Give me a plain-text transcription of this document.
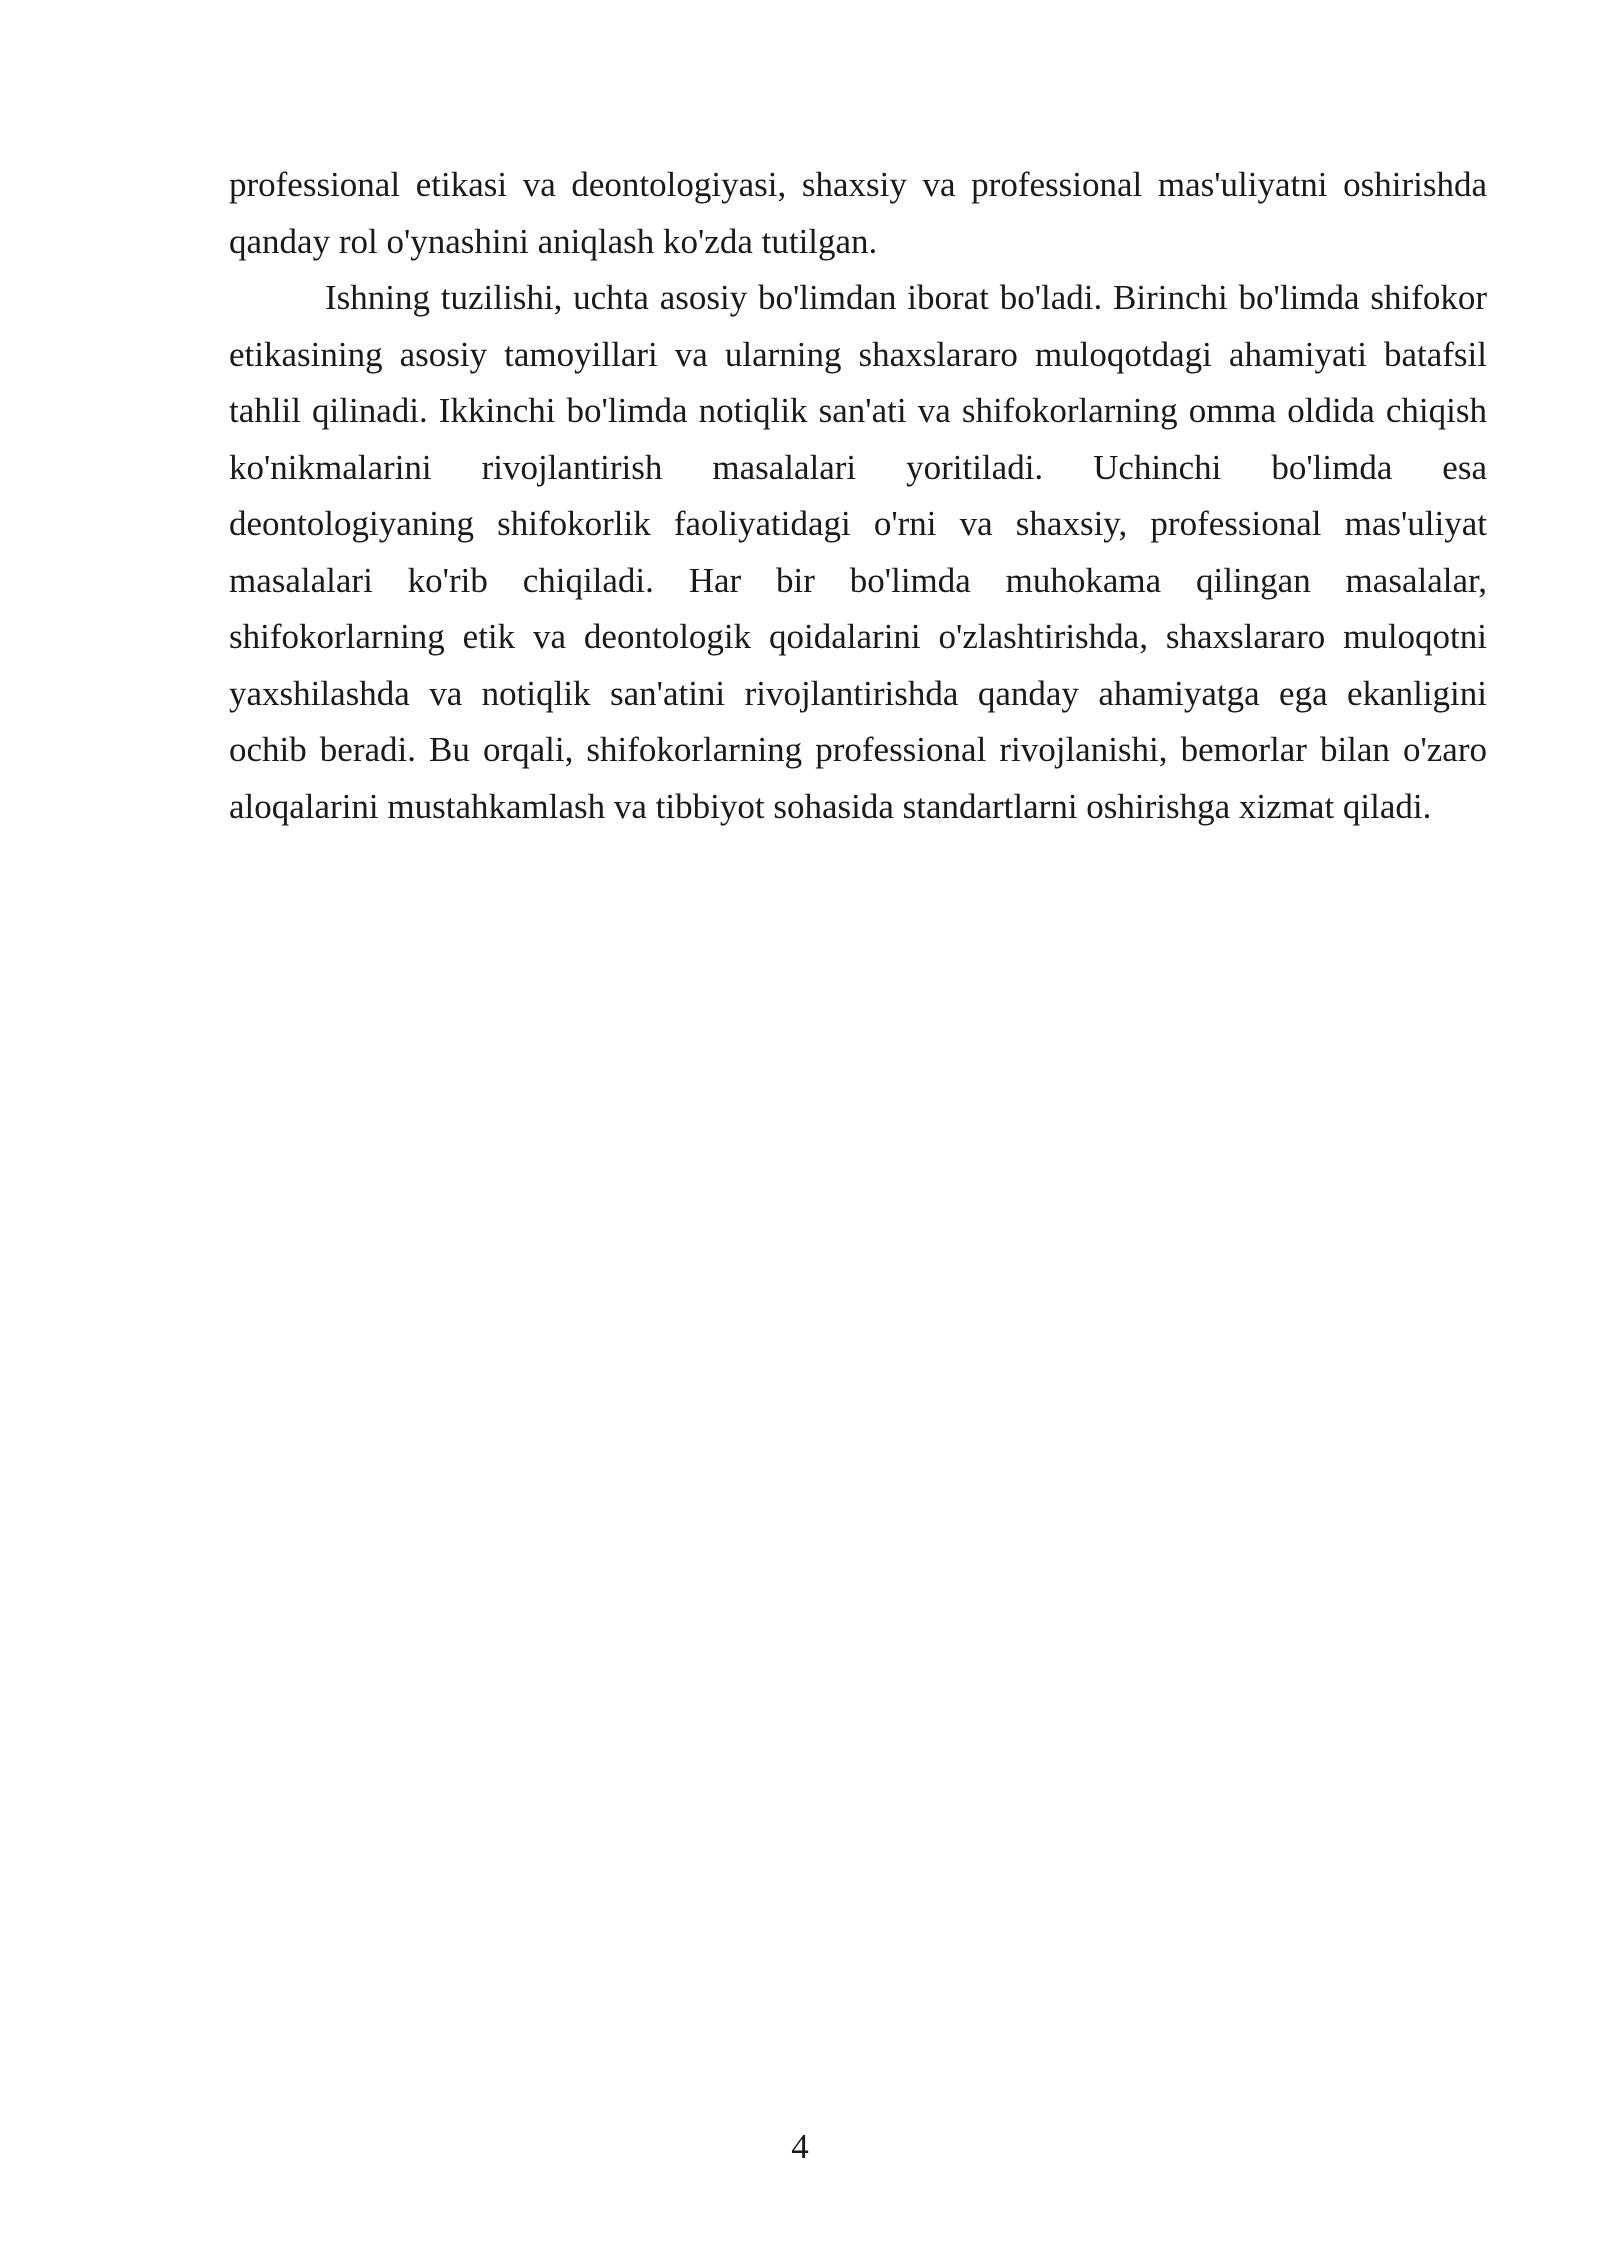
professional etikasi va deontologiyasi, shaxsiy va professional mas'uliyatni oshirishda qanday rol o'ynashini aniqlash ko'zda tutilgan.

Ishning tuzilishi, uchta asosiy bo'limdan iborat bo'ladi. Birinchi bo'limda shifokor etikasining asosiy tamoyillari va ularning shaxslararo muloqotdagi ahamiyati batafsil tahlil qilinadi. Ikkinchi bo'limda notiqlik san'ati va shifokorlarning omma oldida chiqish ko'nikmalarini rivojlantirish masalalari yoritiladi. Uchinchi bo'limda esa deontologiyaning shifokorlik faoliyatidagi o'rni va shaxsiy, professional mas'uliyat masalalari ko'rib chiqiladi. Har bir bo'limda muhokama qilingan masalalar, shifokorlarning etik va deontologik qoidalarini o'zlashtirishda, shaxslararo muloqotni yaxshilashda va notiqlik san'atini rivojlantirishda qanday ahamiyatga ega ekanligini ochib beradi. Bu orqali, shifokorlarning professional rivojlanishi, bemorlar bilan o'zaro aloqalarini mustahkamlash va tibbiyot sohasida standartlarni oshirishga xizmat qiladi.

4
